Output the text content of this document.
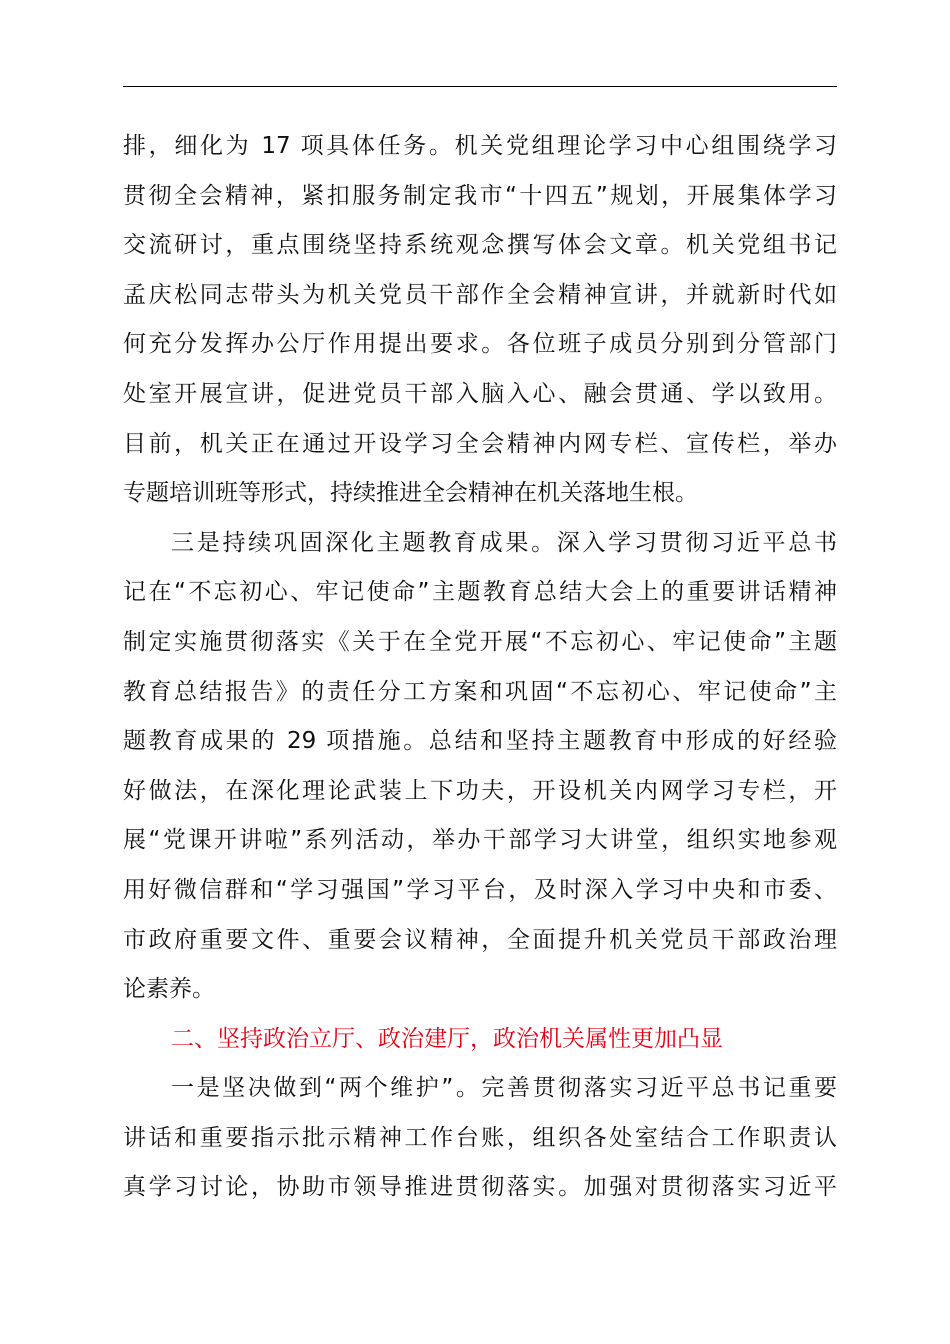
排，细化为 17 项具体任务。机关党组理论学习中心组围绕学习
贯彻全会精神，紧扣服务制定我市“十四五”规划，开展集体学习
交流研讨，重点围绕坚持系统观念撰写体会文章。机关党组书记
孟庆松同志带头为机关党员干部作全会精神宣讲，并就新时代如
何充分发挥办公厅作用提出要求。各位班子成员分别到分管部门
处室开展宣讲，促进党员干部入脑入心、融会贯通、学以致用。
目前，机关正在通过开设学习全会精神内网专栏、宣传栏，举办
专题培训班等形式，持续推进全会精神在机关落地生根。
三是持续巩固深化主题教育成果。深入学习贯彻习近平总书
记在“不忘初心、牢记使命”主题教育总结大会上的重要讲话精神
制定实施贯彻落实《关于在全党开展“不忘初心、牢记使命”主题
教育总结报告》的责任分工方案和巩固“不忘初心、牢记使命”主
题教育成果的 29 项措施。总结和坚持主题教育中形成的好经验
好做法，在深化理论武装上下功夫，开设机关内网学习专栏，开
展“党课开讲啦”系列活动，举办干部学习大讲堂，组织实地参观
用好微信群和“学习强国”学习平台，及时深入学习中央和市委、
市政府重要文件、重要会议精神，全面提升机关党员干部政治理
论素养。
二、坚持政治立厅、政治建厅，政治机关属性更加凸显
一是坚决做到“两个维护”。完善贯彻落实习近平总书记重要
讲话和重要指示批示精神工作台账，组织各处室结合工作职责认
真学习讨论，协助市领导推进贯彻落实。加强对贯彻落实习近平
